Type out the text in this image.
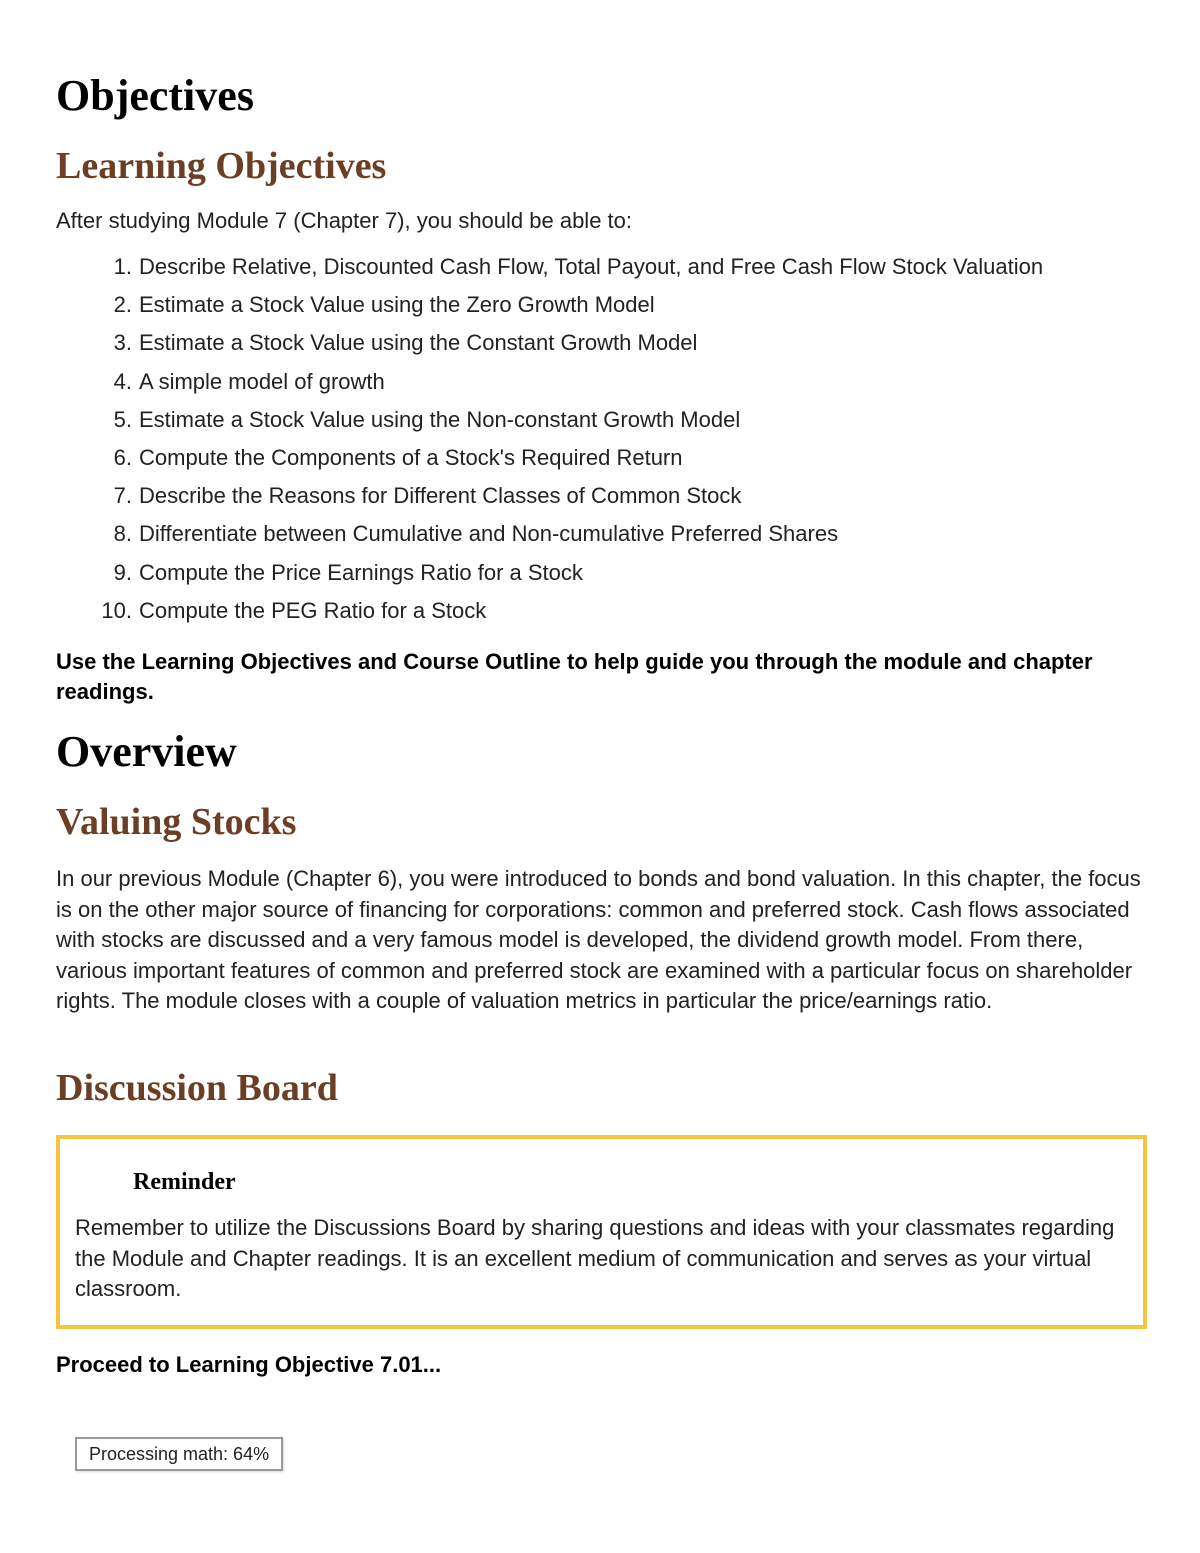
Objectives
Learning Objectives

After studying Module 7 (Chapter 7), you should be able to:

1. Describe Relative, Discounted Cash Flow, Total Payout, and Free Cash Flow Stock Valuation
2. Estimate a Stock Value using the Zero Growth Model
3. Estimate a Stock Value using the Constant Growth Model
4. A simple model of growth
5. Estimate a Stock Value using the Non-constant Growth Model
6. Compute the Components of a Stock's Required Return
7. Describe the Reasons for Different Classes of Common Stock
8. Differentiate between Cumulative and Non-cumulative Preferred Shares
9. Compute the Price Earnings Ratio for a Stock
10. Compute the PEG Ratio for a Stock

Use the Learning Objectives and Course Outline to help guide you through the module and chapter readings.

Overview
Valuing Stocks

In our previous Module (Chapter 6), you were introduced to bonds and bond valuation. In this chapter, the focus is on the other major source of financing for corporations: common and preferred stock. Cash flows associated with stocks are discussed and a very famous model is developed, the dividend growth model. From there, various important features of common and preferred stock are examined with a particular focus on shareholder rights. The module closes with a couple of valuation metrics in particular the price/earnings ratio.

Discussion Board

Proceed to Learning Objective 7.01...

Reminder
Remember to utilize the Discussions Board by sharing questions and ideas with your classmates regarding the Module and Chapter readings. It is an excellent medium of communication and serves as your virtual classroom.
Processing math: 64%
